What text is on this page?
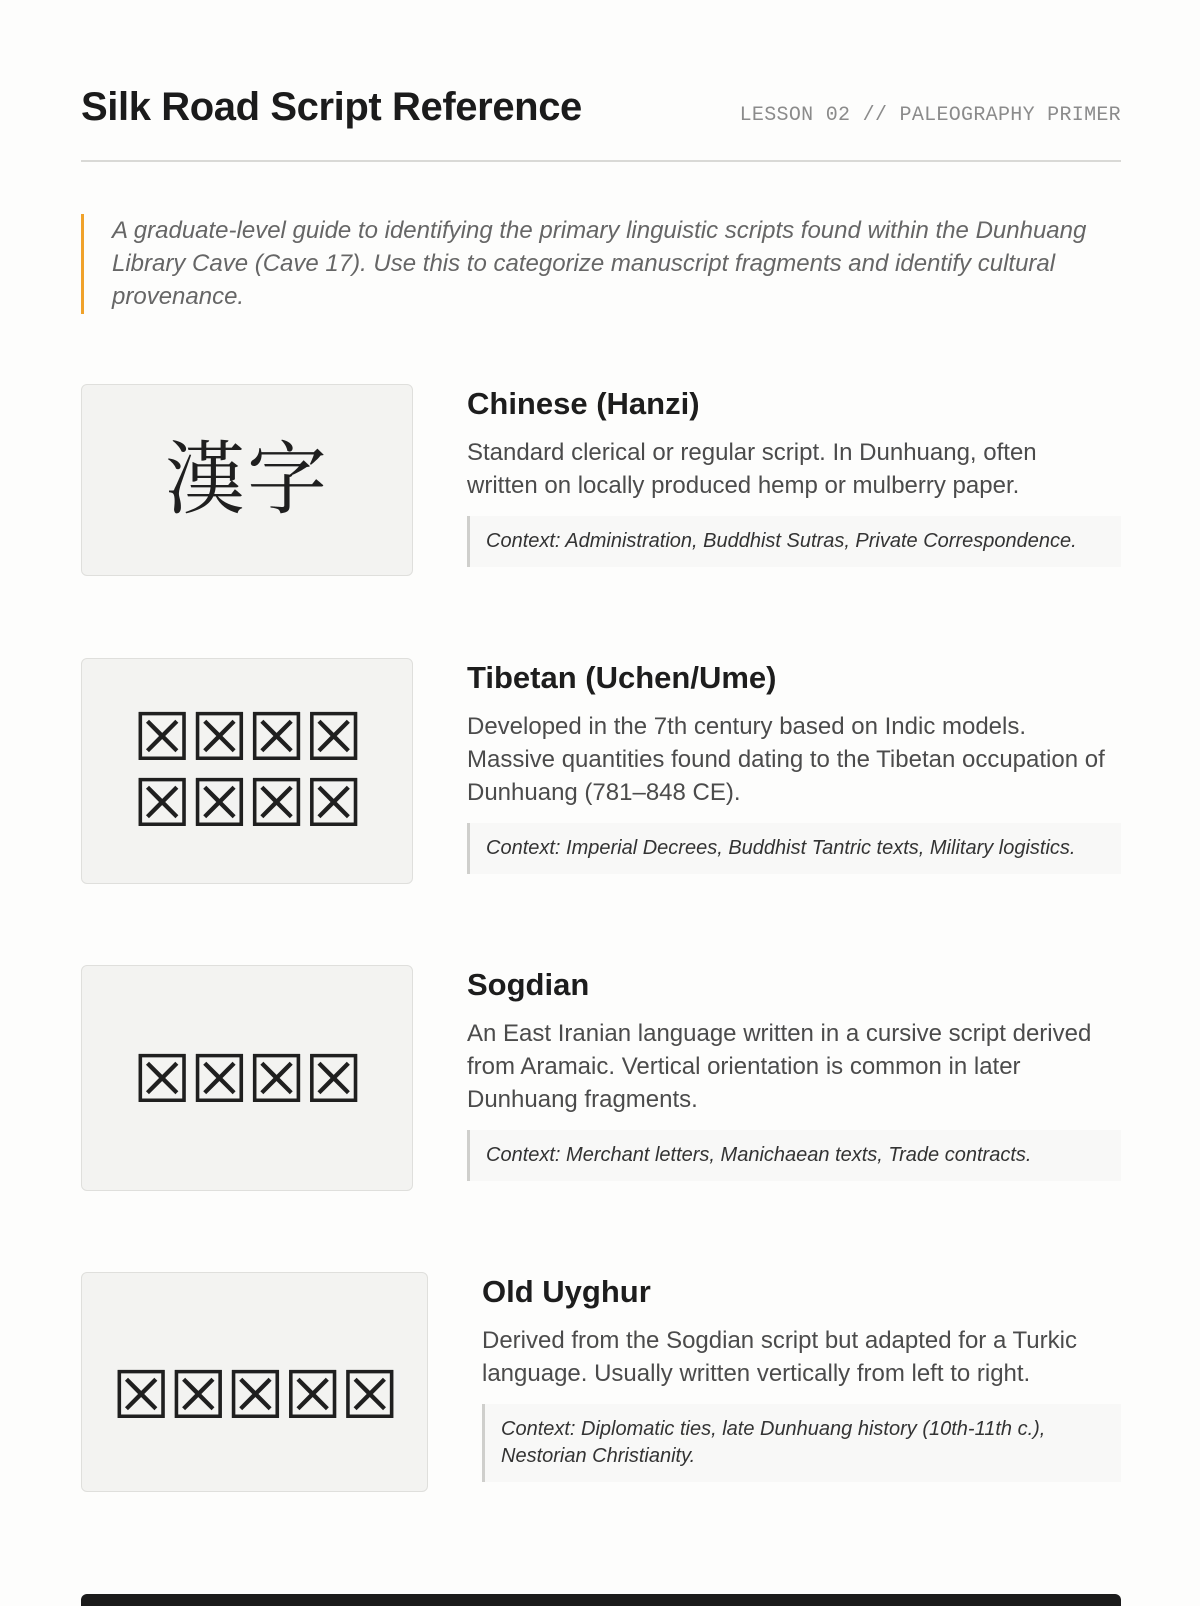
Silk Road Script Reference	LESSON 02 // PALEOGRAPHY PRIMER
A graduate-level guide to identifying the primary linguistic scripts found within the Dunhuang Library Cave (Cave 17). Use this to categorize manuscript fragments and identify cultural provenance.
漢字
Chinese (Hanzi)

Standard clerical or regular script. In Dunhuang, often written on locally produced hemp or mulberry paper.

Context: Administration, Buddhist Sutras, Private Correspondence.
☒☒☒☒
☒☒☒☒
Tibetan (Uchen/Ume)

Developed in the 7th century based on Indic models. Massive quantities found dating to the Tibetan occupation of Dunhuang (781–848 CE).

Context: Imperial Decrees, Buddhist Tantric texts, Military logistics.
☒☒☒☒
Sogdian

An East Iranian language written in a cursive script derived from Aramaic. Vertical orientation is common in later Dunhuang fragments.

Context: Merchant letters, Manichaean texts, Trade contracts.
☒☒☒☒☒
Old Uyghur

Derived from the Sogdian script but adapted for a Turkic language. Usually written vertically from left to right.

Context: Diplomatic ties, late Dunhuang history (10th-11th c.), Nestorian Christianity.
